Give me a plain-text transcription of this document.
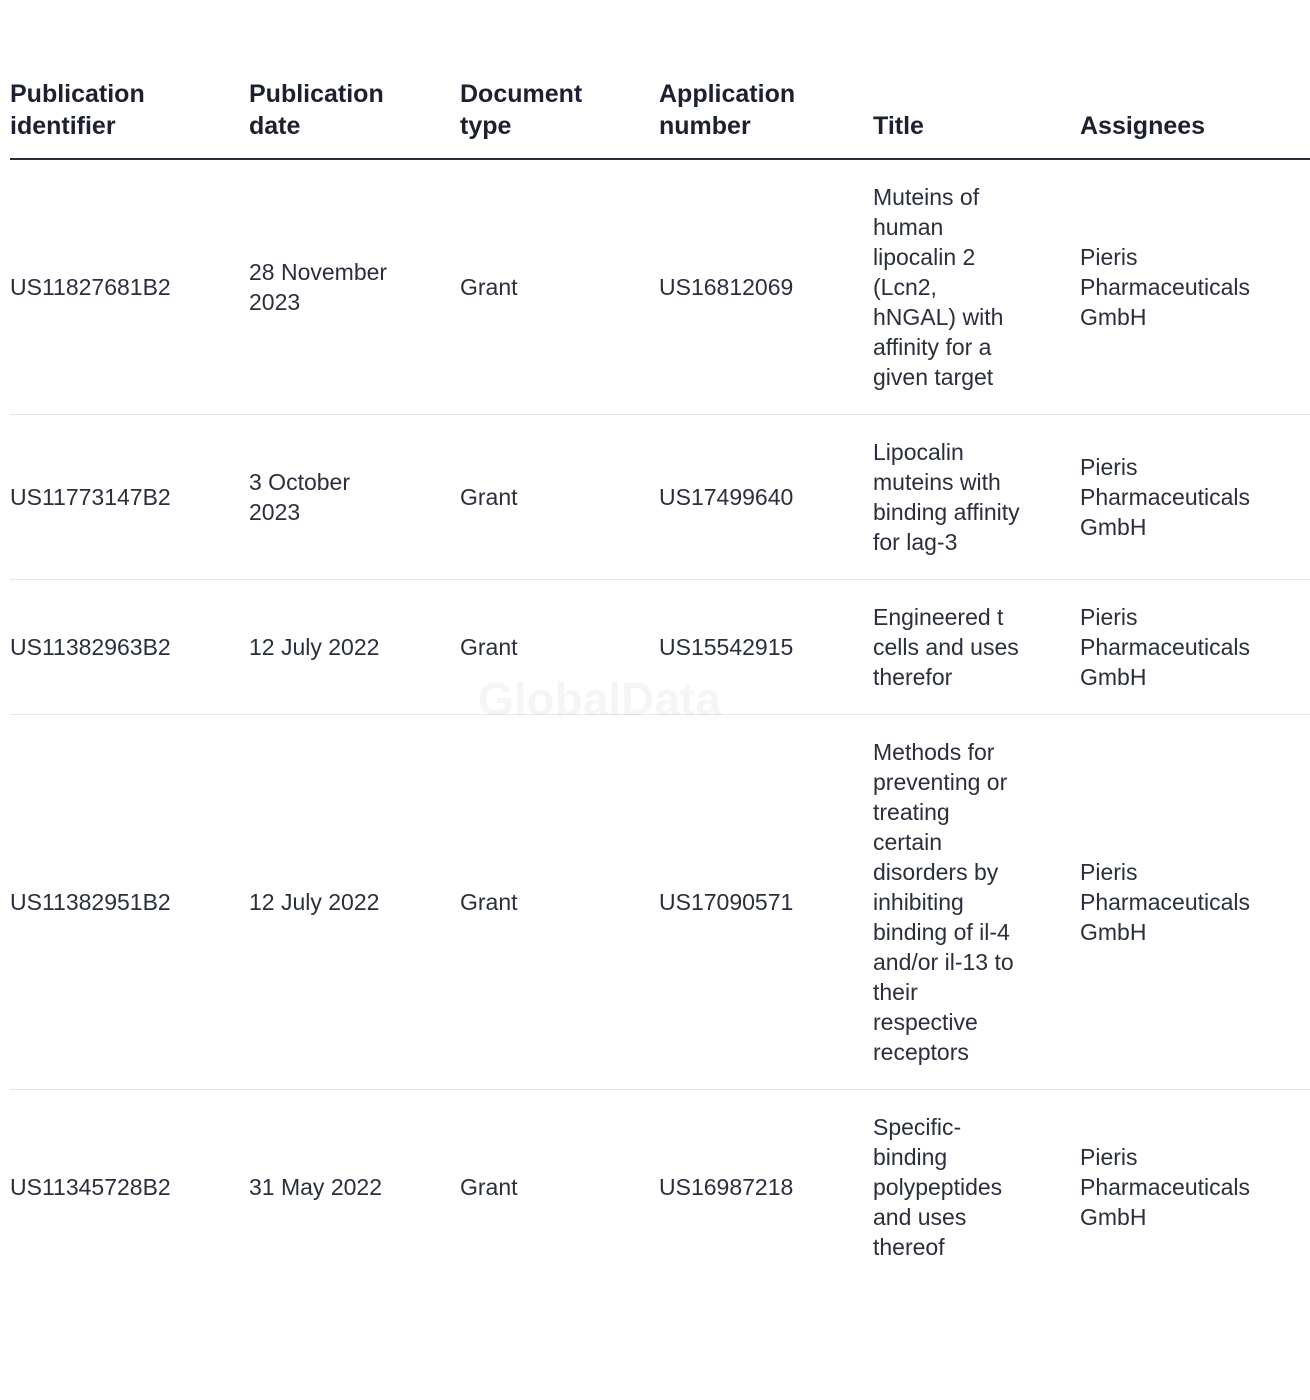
Publication identifier	Publication date	Document type	Application number	Title	Assignees

US11827681B2	28 November 2023	Grant	US16812069	Muteins of human lipocalin 2 (Lcn2, hNGAL) with affinity for a given target	Pieris Pharmaceuticals GmbH

US11773147B2	3 October 2023	Grant	US17499640	Lipocalin muteins with binding affinity for lag-3	Pieris Pharmaceuticals GmbH

US11382963B2	12 July 2022	Grant	US15542915	Engineered t cells and uses therefor	Pieris Pharmaceuticals GmbH

US11382951B2	12 July 2022	Grant	US17090571	Methods for preventing or treating certain disorders by inhibiting binding of il-4 and/or il-13 to their respective receptors	Pieris Pharmaceuticals GmbH

US11345728B2	31 May 2022	Grant	US16987218	Specific-binding polypeptides and uses thereof	Pieris Pharmaceuticals GmbH
